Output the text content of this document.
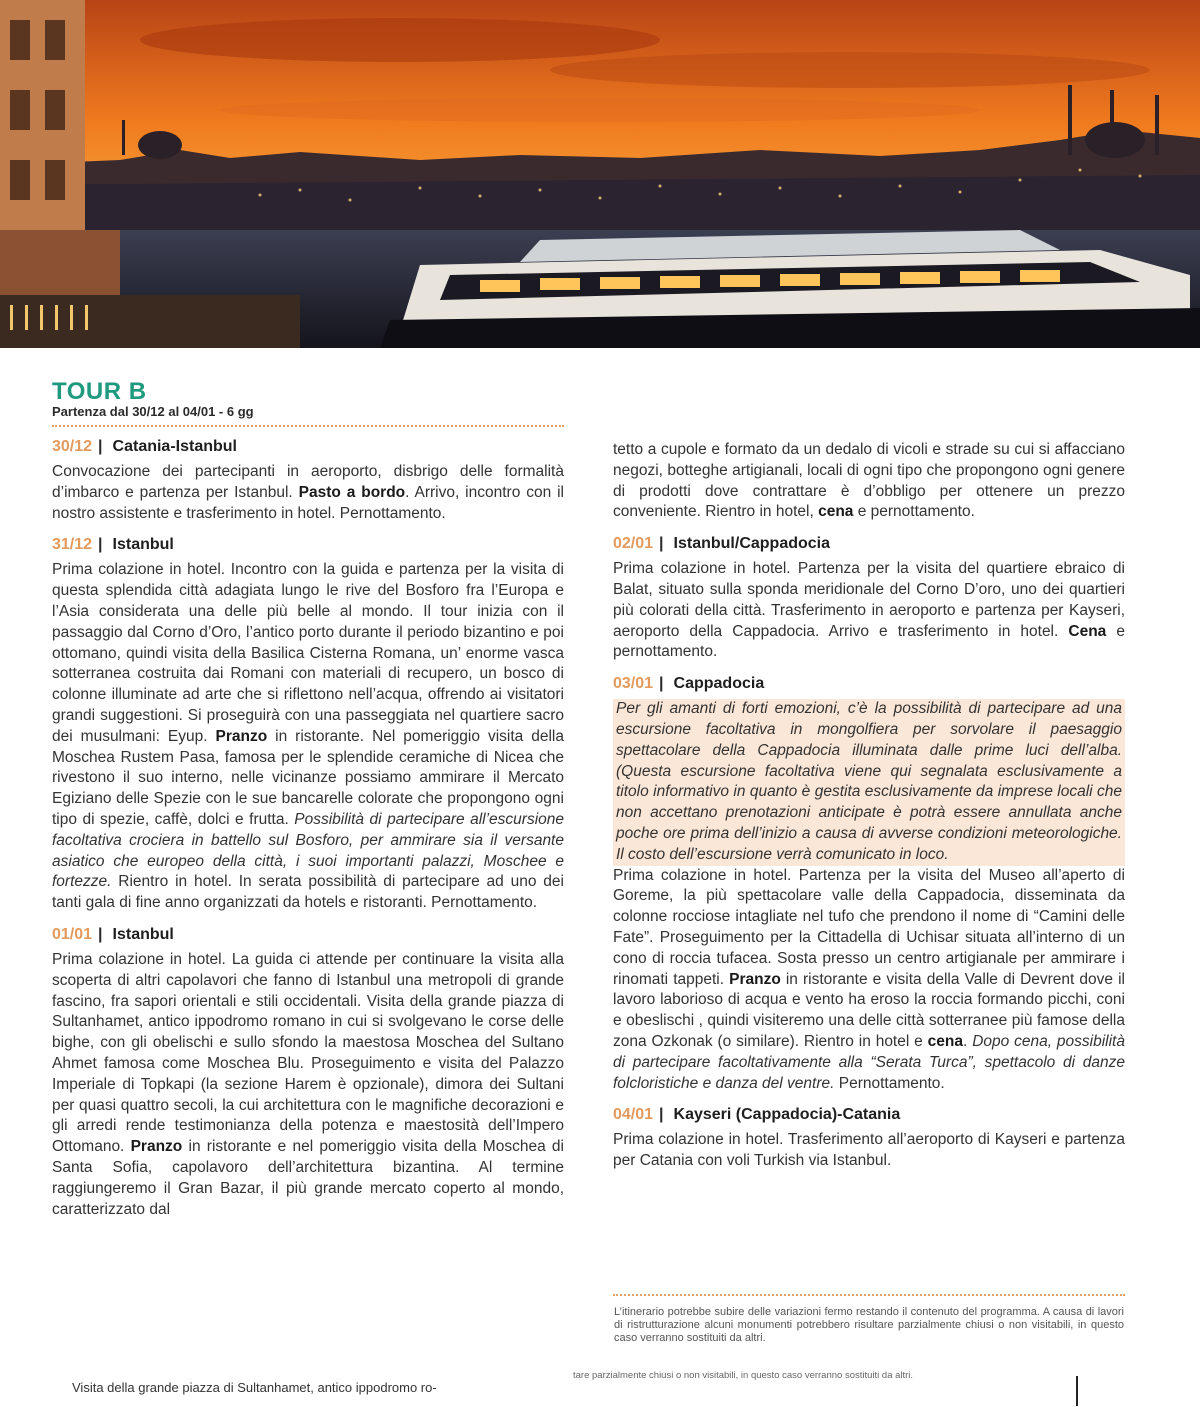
TOUR B
Partenza dal 30/12 al 04/01 - 6 gg
30/12 | Catania-Istanbul

Convocazione dei partecipanti in aeroporto, disbrigo delle formalità d’imbarco e partenza per Istanbul. Pasto a bordo. Arrivo, incontro con il nostro assistente e trasferimento in hotel. Pernottamento.

31/12 | Istanbul

Prima colazione in hotel. Incontro con la guida e partenza per la visita di questa splendida città adagiata lungo le rive del Bosforo fra l’Europa e l’Asia considerata una delle più belle al mondo. Il tour inizia con il passaggio dal Corno d’Oro, l’antico porto durante il periodo bizantino e poi ottomano, quindi visita della Basilica Cisterna Romana, un’ enorme vasca sotterranea costruita dai Romani con materiali di recupero, un bosco di colonne illuminate ad arte che si riflettono nell’acqua, offrendo ai visitatori grandi suggestioni. Si proseguirà con una passeggiata nel quartiere sacro dei musulmani: Eyup. Pranzo in ristorante. Nel pomeriggio visita della Moschea Rustem Pasa, famosa per le splendide ceramiche di Nicea che rivestono il suo interno, nelle vicinanze possiamo ammirare il Mercato Egiziano delle Spezie con le sue bancarelle colorate che propongono ogni tipo di spezie, caffè, dolci e frutta. Possibilità di partecipare all’escursione facoltativa crociera in battello sul Bosforo, per ammirare sia il versante asiatico che europeo della città, i suoi importanti palazzi, Moschee e fortezze. Rientro in hotel. In serata possibilità di partecipare ad uno dei tanti gala di fine anno organizzati da hotels e ristoranti. Pernottamento.

01/01 | Istanbul

Prima colazione in hotel. La guida ci attende per continuare la visita alla scoperta di altri capolavori che fanno di Istanbul una metropoli di grande fascino, fra sapori orientali e stili occidentali. Visita della grande piazza di Sultanhamet, antico ippodromo romano in cui si svolgevano le corse delle bighe, con gli obelischi e sullo sfondo la maestosa Moschea del Sultano Ahmet famosa come Moschea Blu. Proseguimento e visita del Palazzo Imperiale di Topkapi (la sezione Harem è opzionale), dimora dei Sultani per quasi quattro secoli, la cui architettura con le magnifiche decorazioni e gli arredi rende testimonianza della potenza e maestosità dell’Impero Ottomano. Pranzo in ristorante e nel pomeriggio visita della Moschea di Santa Sofia, capolavoro dell’architettura bizantina. Al termine raggiungeremo il Gran Bazar, il più grande mercato coperto al mondo, caratterizzato dal

tetto a cupole e formato da un dedalo di vicoli e strade su cui si affacciano negozi, botteghe artigianali, locali di ogni tipo che propongono ogni genere di prodotti dove contrattare è d’obbligo per ottenere un prezzo conveniente. Rientro in hotel, cena e pernottamento.

02/01 | Istanbul/Cappadocia

Prima colazione in hotel. Partenza per la visita del quartiere ebraico di Balat, situato sulla sponda meridionale del Corno D’oro, uno dei quartieri più colorati della città. Trasferimento in aeroporto e partenza per Kayseri, aeroporto della Cappadocia. Arrivo e trasferimento in hotel. Cena e pernottamento.

03/01 | Cappadocia

Per gli amanti di forti emozioni, c’è la possibilità di partecipare ad una escursione facoltativa in mongolfiera per sorvolare il paesaggio spettacolare della Cappadocia illuminata dalle prime luci dell’alba. (Questa escursione facoltativa viene qui segnalata esclusivamente a titolo informativo in quanto è gestita esclusivamente da imprese locali che non accettano prenotazioni anticipate è potrà essere annullata anche poche ore prima dell’inizio a causa di avverse condizioni meteorologiche. Il costo dell’escursione verrà comunicato in loco.

Prima colazione in hotel. Partenza per la visita del Museo all’aperto di Goreme, la più spettacolare valle della Cappadocia, disseminata da colonne rocciose intagliate nel tufo che prendono il nome di “Camini delle Fate”. Proseguimento per la Cittadella di Uchisar situata all’interno di un cono di roccia tufacea. Sosta presso un centro artigianale per ammirare i rinomati tappeti. Pranzo in ristorante e visita della Valle di Devrent dove il lavoro laborioso di acqua e vento ha eroso la roccia formando picchi, coni e obeslischi , quindi visiteremo una delle città sotterranee più famose della zona Ozkonak (o similare). Rientro in hotel e cena. Dopo cena, possibilità di partecipare facoltativamente alla “Serata Turca”, spettacolo di danze folcloristiche e danza del ventre. Pernottamento.

04/01 | Kayseri (Cappadocia)-Catania

Prima colazione in hotel. Trasferimento all’aeroporto di Kayseri e partenza per Catania con voli Turkish via Istanbul.

L’itinerario potrebbe subire delle variazioni fermo restando il contenuto del programma. A causa di lavori di ristrutturazione alcuni monumenti potrebbero risultare parzialmente chiusi o non visitabili, in questo caso verranno sostituiti da altri.
Visita della grande piazza di Sultanhamet, antico ippodromo ro-
tare parzialmente chiusi o non visitabili, in questo caso verranno sostituiti da altri.
